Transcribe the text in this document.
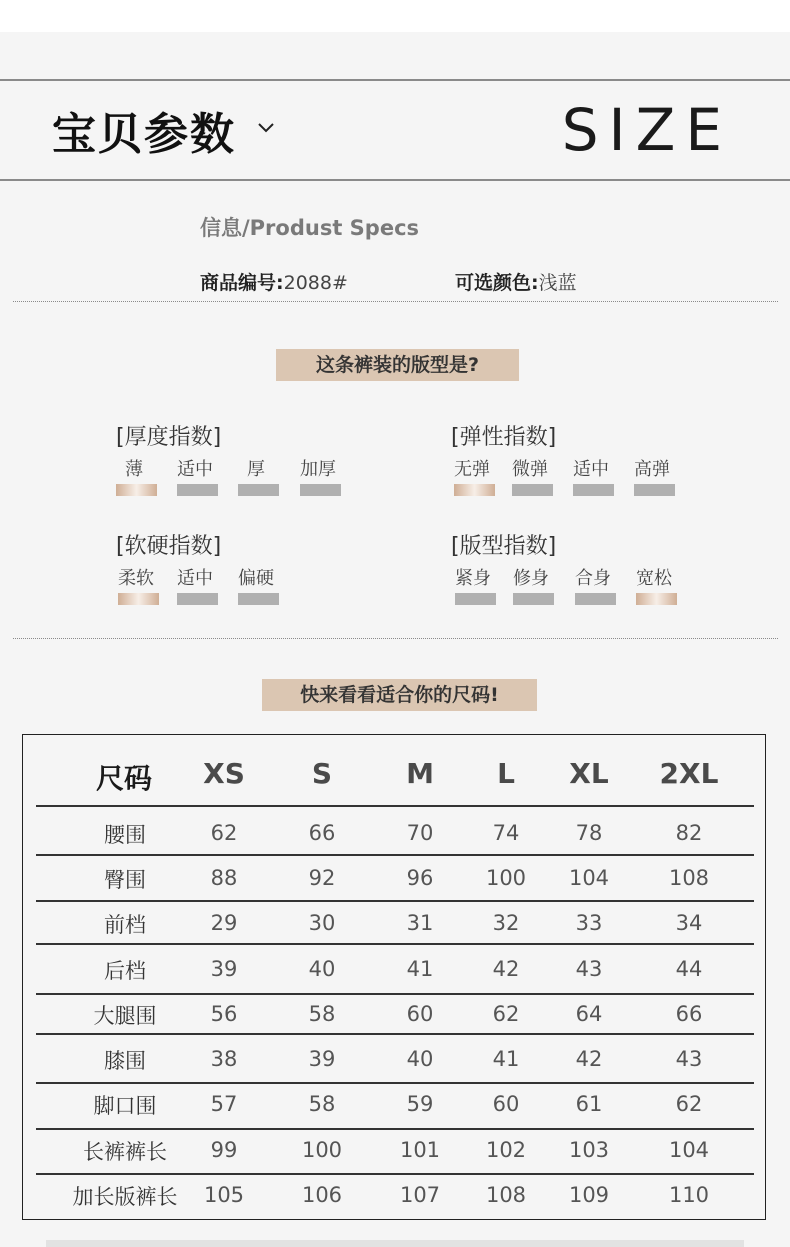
宝贝参数	SIZE
信息/Produst Specs
商品编号:2088#	可选颜色:浅蓝
这条裤装的版型是?
[厚度指数]
薄	适中	厚	加厚
[弹性指数]
无弹	微弹	适中	高弹
[软硬指数]
柔软	适中	偏硬
[版型指数]
紧身	修身	合身	宽松
快来看看适合你的尺码!
尺码	XS	S	M	L	XL	2XL
腰围	62	66	70	74	78	82
臀围	88	92	96	100	104	108
前档	29	30	31	32	33	34
后档	39	40	41	42	43	44
大腿围	56	58	60	62	64	66
膝围	38	39	40	41	42	43
脚口围	57	58	59	60	61	62
长裤裤长	99	100	101	102	103	104
加长版裤长	105	106	107	108	109	110
